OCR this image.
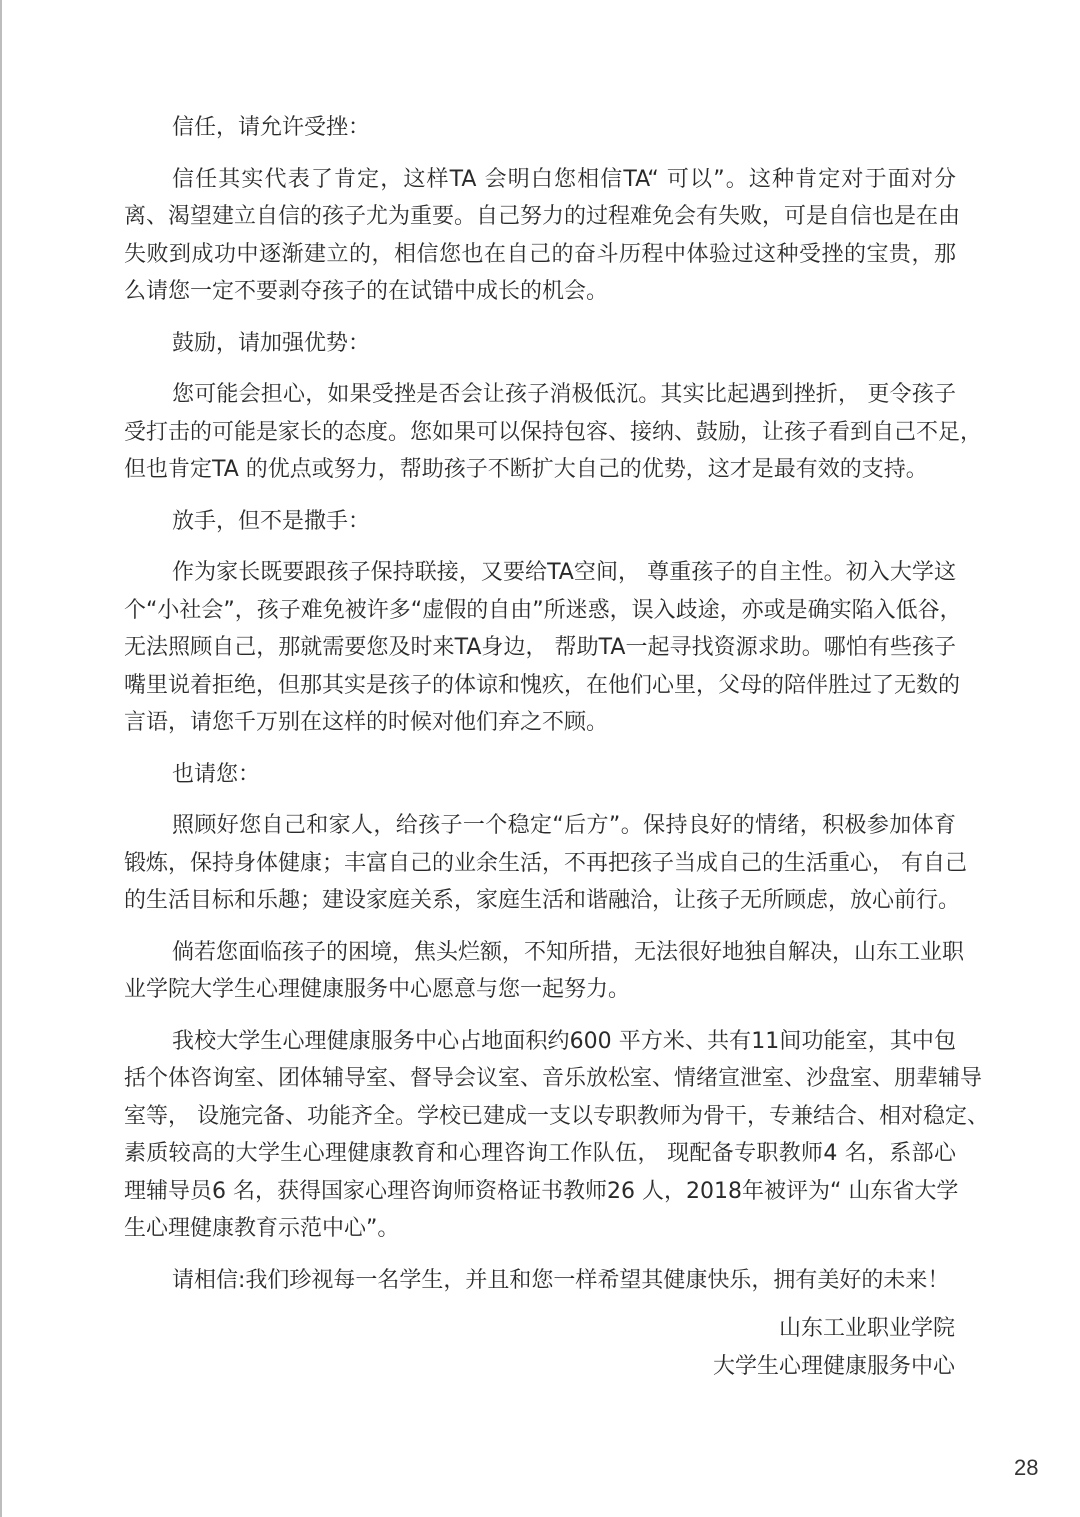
信任，请允许受挫：
信任其实代表了肯定，这样TA 会明白您相信TA“ 可以”。这种肯定对于面对分
离、渴望建立自信的孩子尤为重要。自己努力的过程难免会有失败，可是自信也是在由
失败到成功中逐渐建立的，相信您也在自己的奋斗历程中体验过这种受挫的宝贵，那
么请您一定不要剥夺孩子的在试错中成长的机会。
鼓励，请加强优势：
您可能会担心，如果受挫是否会让孩子消极低沉。其实比起遇到挫折， 更令孩子
受打击的可能是家长的态度。您如果可以保持包容、接纳、鼓励，让孩子看到自己不足，
但也肯定TA 的优点或努力，帮助孩子不断扩大自己的优势，这才是最有效的支持。
放手，但不是撒手：
作为家长既要跟孩子保持联接，又要给TA空间， 尊重孩子的自主性。初入大学这
个“小社会”，孩子难免被许多“虚假的自由”所迷惑，误入歧途，亦或是确实陷入低谷，
无法照顾自己，那就需要您及时来TA身边， 帮助TA一起寻找资源求助。哪怕有些孩子
嘴里说着拒绝，但那其实是孩子的体谅和愧疚，在他们心里，父母的陪伴胜过了无数的
言语，请您千万别在这样的时候对他们弃之不顾。
也请您：
照顾好您自己和家人，给孩子一个稳定“后方”。保持良好的情绪，积极参加体育
锻炼，保持身体健康；丰富自己的业余生活，不再把孩子当成自己的生活重心， 有自己
的生活目标和乐趣；建设家庭关系，家庭生活和谐融洽，让孩子无所顾虑，放心前行。
倘若您面临孩子的困境，焦头烂额，不知所措，无法很好地独自解决，山东工业职
业学院大学生心理健康服务中心愿意与您一起努力。
我校大学生心理健康服务中心占地面积约600 平方米、共有11间功能室，其中包
括个体咨询室、团体辅导室、督导会议室、音乐放松室、情绪宣泄室、沙盘室、朋辈辅导
室等， 设施完备、功能齐全。学校已建成一支以专职教师为骨干，专兼结合、相对稳定、
素质较高的大学生心理健康教育和心理咨询工作队伍， 现配备专职教师4 名，系部心
理辅导员6 名，获得国家心理咨询师资格证书教师26 人，2018年被评为“ 山东省大学
生心理健康教育示范中心”。
请相信:我们珍视每一名学生，并且和您一样希望其健康快乐，拥有美好的未来！
山东工业职业学院
大学生心理健康服务中心
28
